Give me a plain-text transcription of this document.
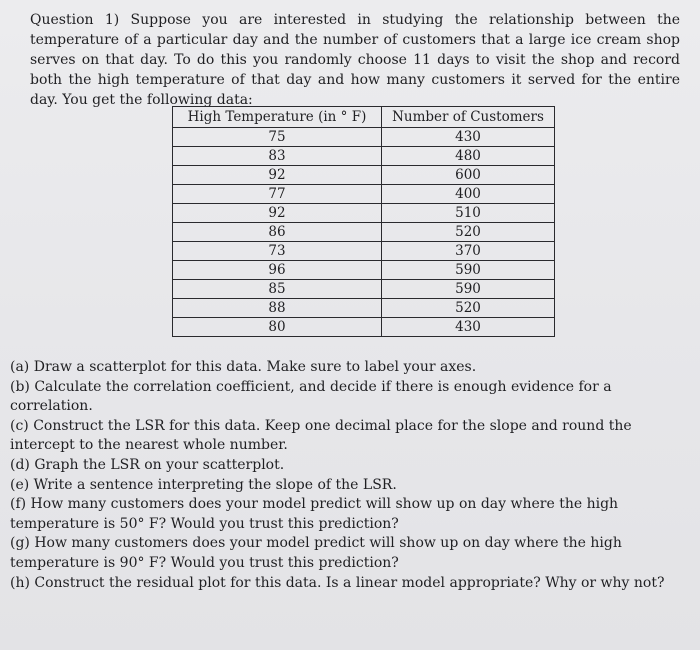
Question 1) Suppose you are interested in studying the relationship between the temperature of a particular day and the number of customers that a large ice cream shop serves on that day. To do this you randomly choose 11 days to visit the shop and record both the high temperature of that day and how many customers it served for the entire day. You get the following data:

High Temperature (in ° F)	Number of Customers
75	430
83	480
92	600
77	400
92	510
86	520
73	370
96	590
85	590
88	520
80	430

(a) Draw a scatterplot for this data. Make sure to label your axes.

(b) Calculate the correlation coefficient, and decide if there is enough evidence for a correlation.

(c) Construct the LSR for this data. Keep one decimal place for the slope and round the intercept to the nearest whole number.

(d) Graph the LSR on your scatterplot.

(e) Write a sentence interpreting the slope of the LSR.

(f) How many customers does your model predict will show up on day where the high temperature is 50° F? Would you trust this prediction?

(g) How many customers does your model predict will show up on day where the high temperature is 90° F? Would you trust this prediction?

(h) Construct the residual plot for this data. Is a linear model appropriate? Why or why not?
